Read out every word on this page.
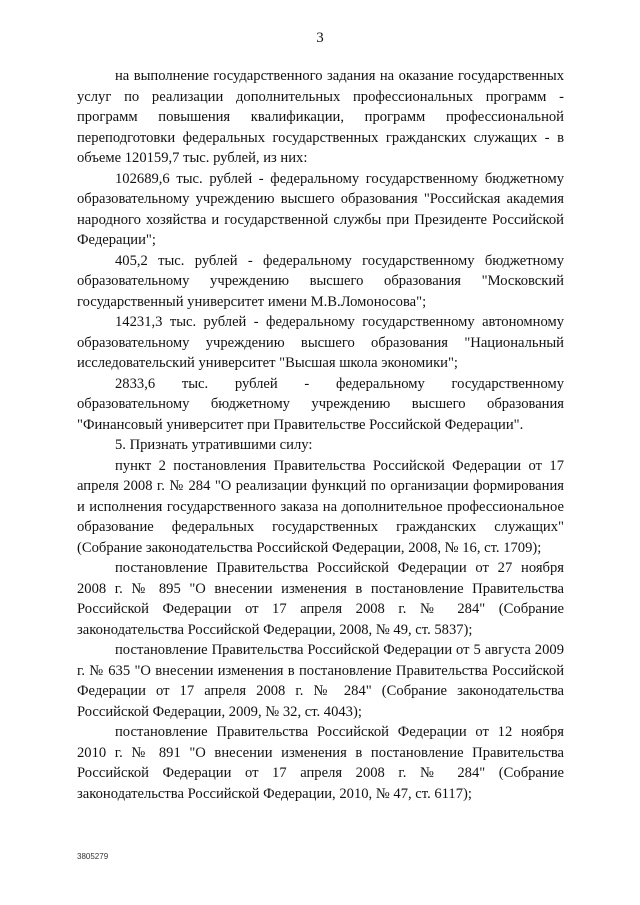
3

на выполнение государственного задания на оказание государственных услуг по реализации дополнительных профессиональных программ - программ повышения квалификации, программ профессиональной переподготовки федеральных государственных гражданских служащих - в объеме 120159,7 тыс. рублей, из них:

102689,6 тыс. рублей - федеральному государственному бюджетному образовательному учреждению высшего образования "Российская академия народного хозяйства и государственной службы при Президенте Российской Федерации";

405,2 тыс. рублей - федеральному государственному бюджетному образовательному учреждению высшего образования "Московский государственный университет имени М.В.Ломоносова";

14231,3 тыс. рублей - федеральному государственному автономному образовательному учреждению высшего образования "Национальный исследовательский университет "Высшая школа экономики";

2833,6 тыс. рублей - федеральному государственному образовательному бюджетному учреждению высшего образования "Финансовый университет при Правительстве Российской Федерации".

5. Признать утратившими силу:

пункт 2 постановления Правительства Российской Федерации от 17 апреля 2008 г. № 284 "О реализации функций по организации формирования и исполнения государственного заказа на дополнительное профессиональное образование федеральных государственных гражданских служащих" (Собрание законодательства Российской Федерации, 2008, № 16, ст. 1709);

постановление Правительства Российской Федерации от 27 ноября 2008 г. № 895 "О внесении изменения в постановление Правительства Российской Федерации от 17 апреля 2008 г. № 284" (Собрание законодательства Российской Федерации, 2008, № 49, ст. 5837);

постановление Правительства Российской Федерации от 5 августа 2009 г. № 635 "О внесении изменения в постановление Правительства Российской Федерации от 17 апреля 2008 г. № 284" (Собрание законодательства Российской Федерации, 2009, № 32, ст. 4043);

постановление Правительства Российской Федерации от 12 ноября 2010 г. № 891 "О внесении изменения в постановление Правительства Российской Федерации от 17 апреля 2008 г. № 284" (Собрание законодательства Российской Федерации, 2010, № 47, ст. 6117);

3805279
